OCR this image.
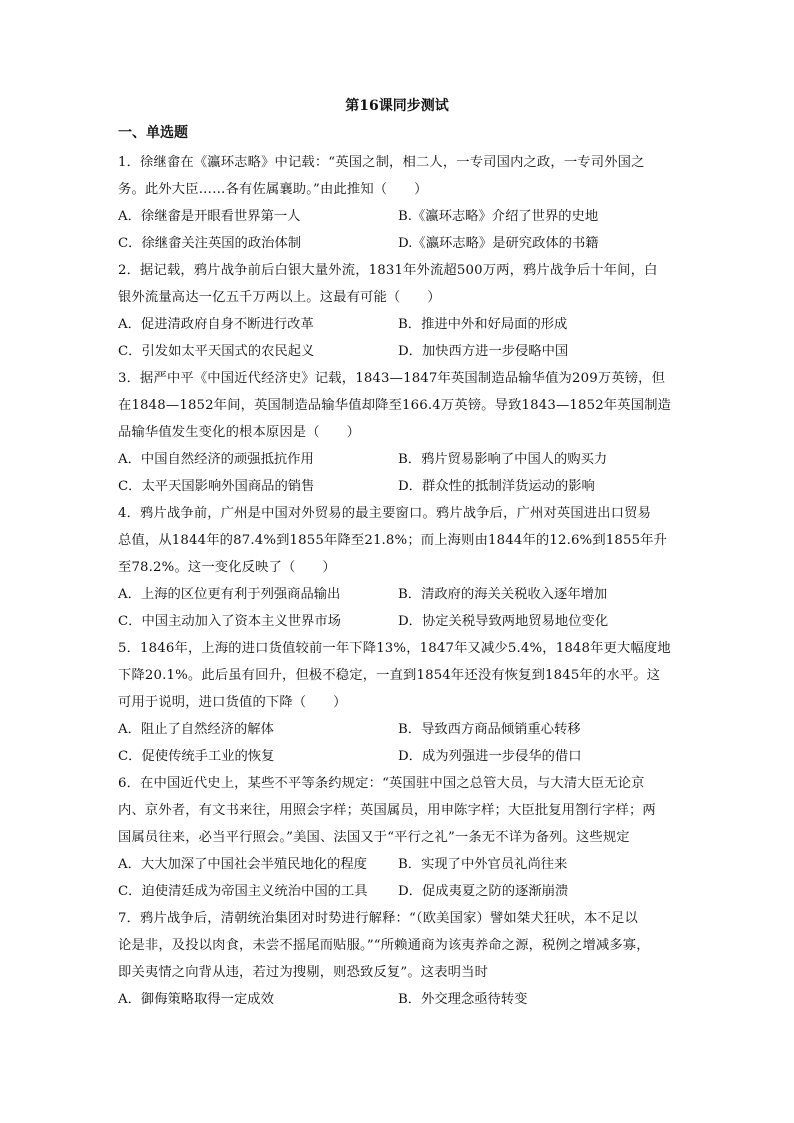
第16课同步测试
一、单选题
1．徐继畲在《瀛环志略》中记载：“英国之制，相二人，一专司国内之政，一专司外国之
务。此外大臣……各有佐属襄助。”由此推知（　　）
A．徐继畲是开眼看世界第一人	B.《瀛环志略》介绍了世界的史地
C．徐继畲关注英国的政治体制	D.《瀛环志略》是研究政体的书籍
2．据记载，鸦片战争前后白银大量外流，1831年外流超500万两，鸦片战争后十年间，白
银外流量高达一亿五千万两以上。这最有可能（　　）
A．促进清政府自身不断进行改革	B．推进中外和好局面的形成
C．引发如太平天国式的农民起义	D．加快西方进一步侵略中国
3．据严中平《中国近代经济史》记载，1843—1847年英国制造品输华值为209万英镑，但
在1848—1852年间，英国制造品输华值却降至166.4万英镑。导致1843—1852年英国制造
品输华值发生变化的根本原因是（　　）
A．中国自然经济的顽强抵抗作用	B．鸦片贸易影响了中国人的购买力
C．太平天国影响外国商品的销售	D．群众性的抵制洋货运动的影响
4．鸦片战争前，广州是中国对外贸易的最主要窗口。鸦片战争后，广州对英国进出口贸易
总值，从1844年的87.4%到1855年降至21.8%；而上海则由1844年的12.6%到1855年升
至78.2%。这一变化反映了（　　）
A．上海的区位更有利于列强商品输出	B．清政府的海关关税收入逐年增加
C．中国主动加入了资本主义世界市场	D．协定关税导致两地贸易地位变化
5．1846年，上海的进口货值较前一年下降13%，1847年又减少5.4%，1848年更大幅度地
下降20.1%。此后虽有回升，但极不稳定，一直到1854年还没有恢复到1845年的水平。这
可用于说明，进口货值的下降（　　）
A．阻止了自然经济的解体	B．导致西方商品倾销重心转移
C．促使传统手工业的恢复	D．成为列强进一步侵华的借口
6．在中国近代史上，某些不平等条约规定：“英国驻中国之总管大员，与大清大臣无论京
内、京外者，有文书来往，用照会字样；英国属员，用申陈字样；大臣批复用劄行字样；两
国属员往来，必当平行照会。”美国、法国又于“平行之礼”一条无不详为备列。这些规定
A．大大加深了中国社会半殖民地化的程度	B．实现了中外官员礼尚往来
C．迫使清廷成为帝国主义统治中国的工具	D．促成夷夏之防的逐渐崩溃
7．鸦片战争后，清朝统治集团对时势进行解释：“（欧美国家）譬如桀犬狂吠，本不足以
论是非，及投以肉食，未尝不摇尾而贴服。”“所赖通商为该夷养命之源，税例之增减多寡，
即关夷情之向背从违，若过为搜剔，则恐致反复”。这表明当时
A．御侮策略取得一定成效	B．外交理念亟待转变
